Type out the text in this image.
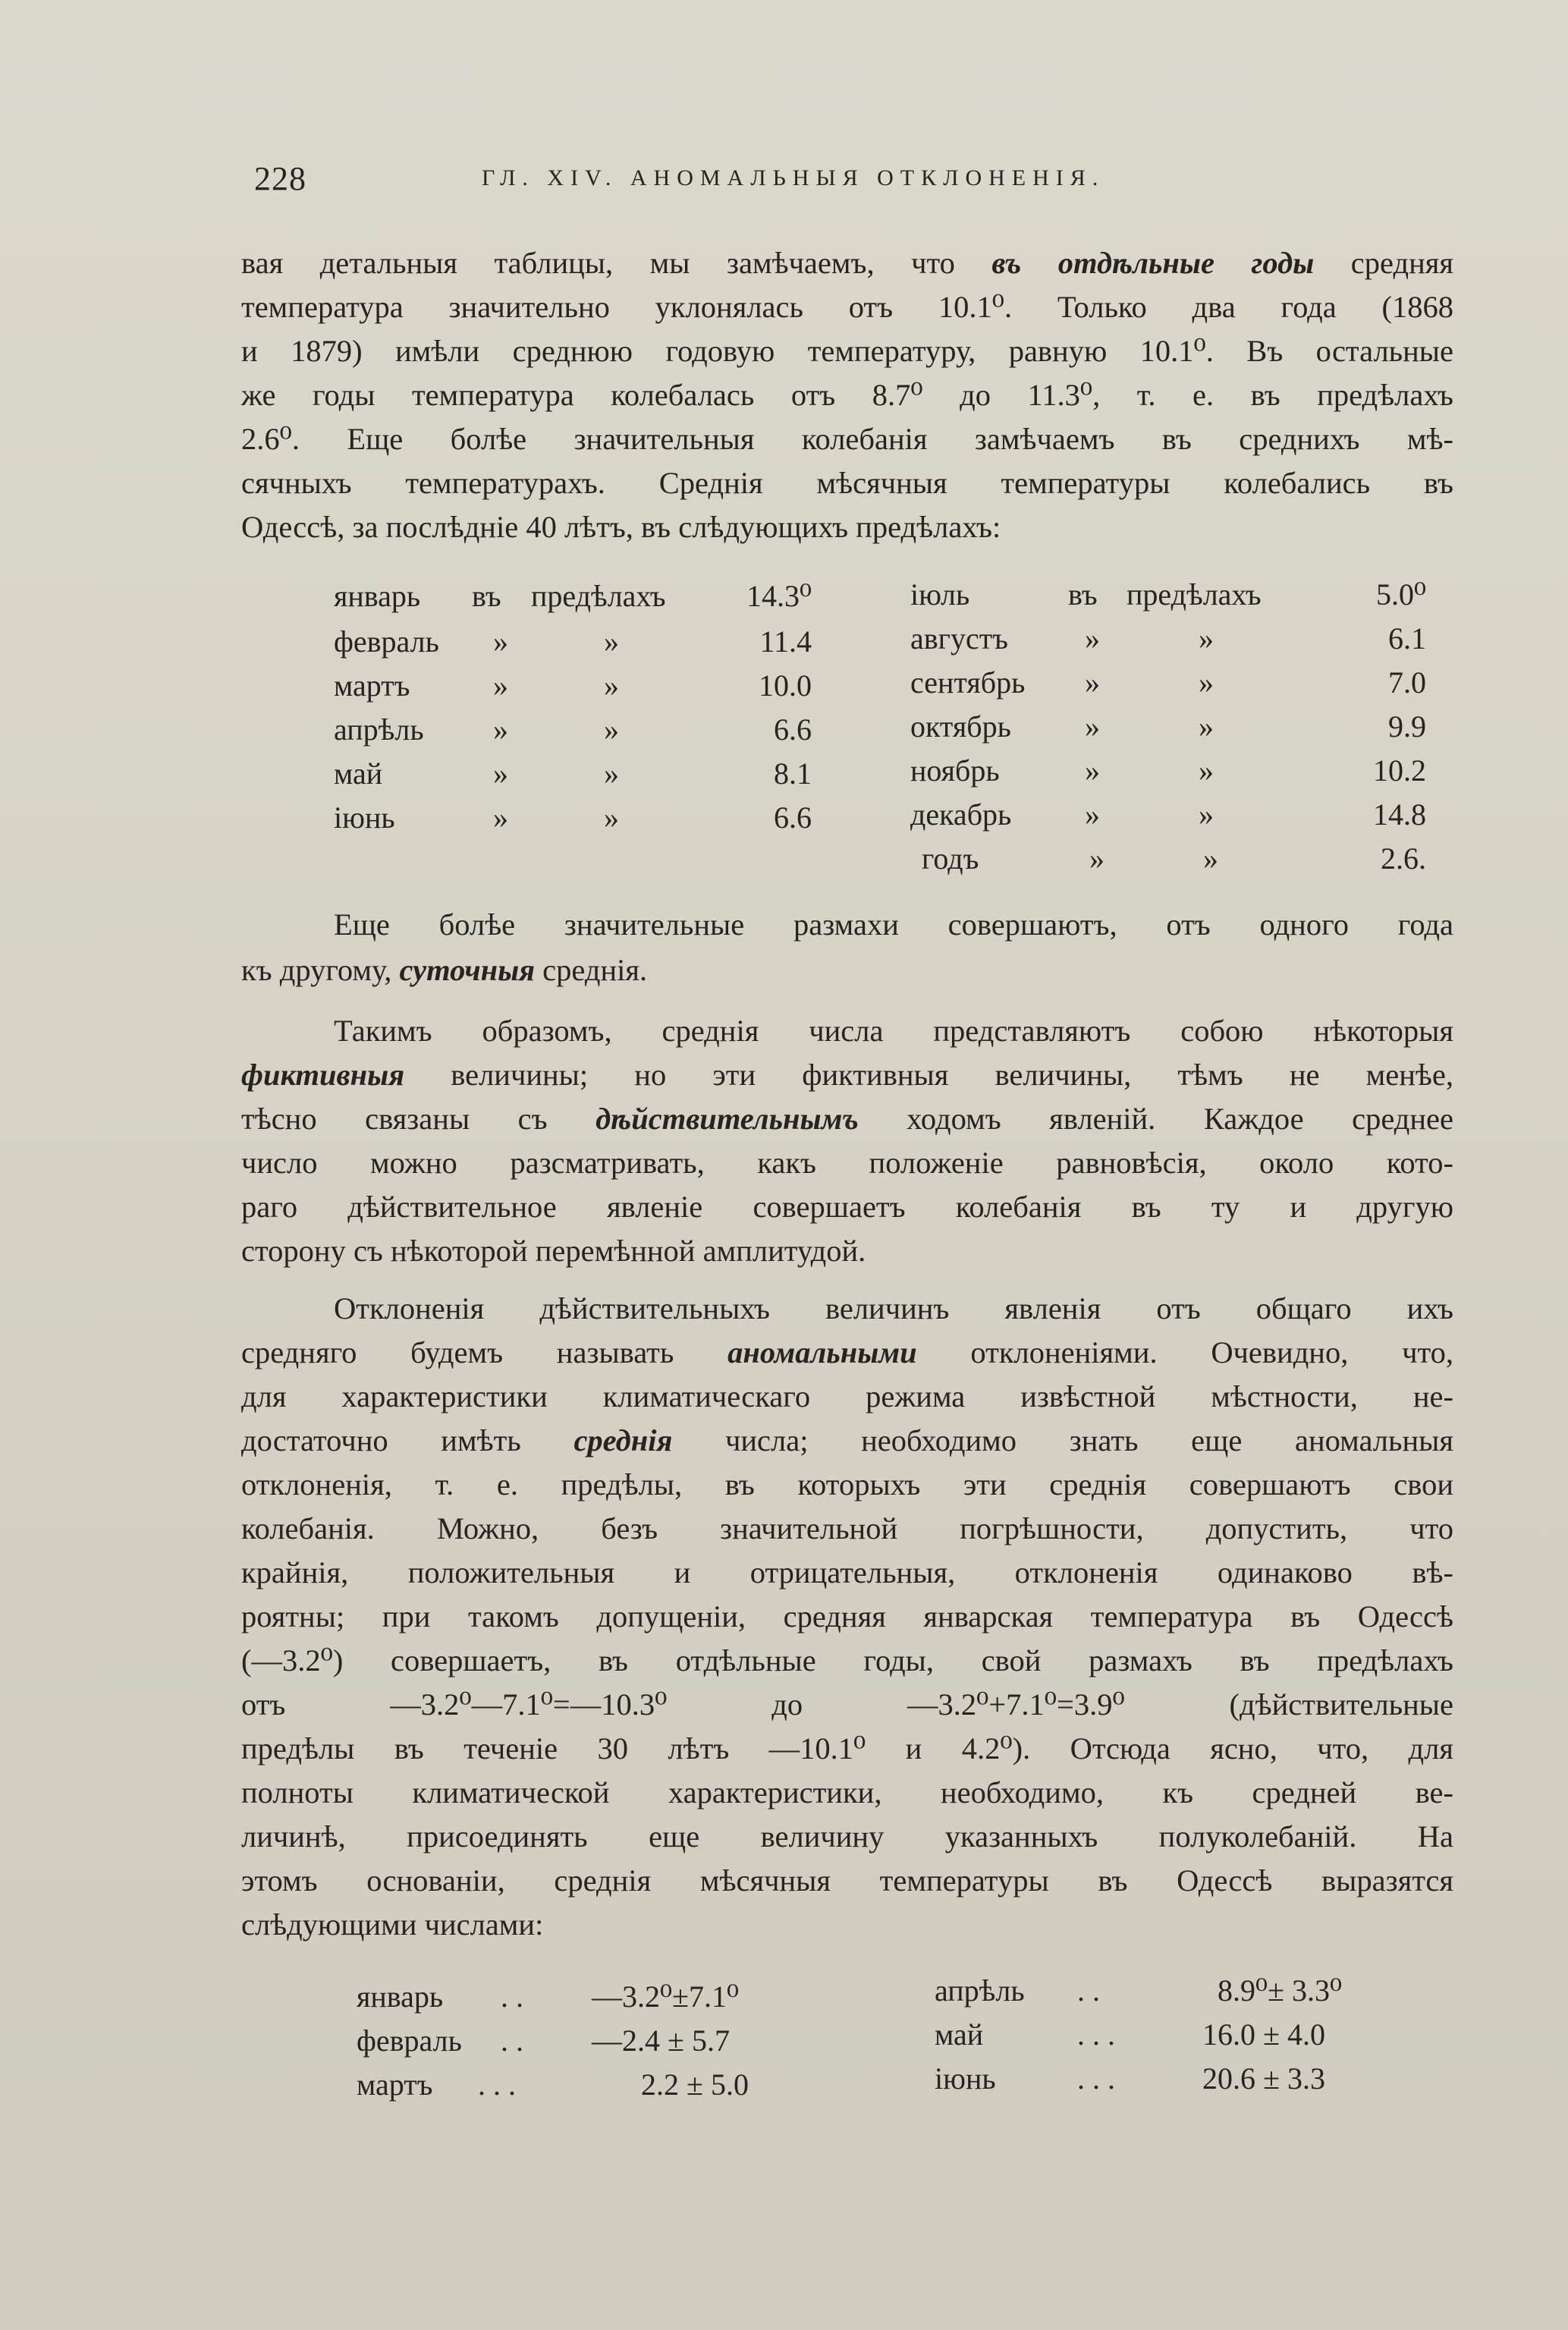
228	ГЛ. XIV. АНОМАЛЬНЫЯ ОТКЛОНЕНІЯ.
вая детальныя таблицы, мы замѣчаемъ, что въ отдѣльные годы средняя
температура значительно уклонялась отъ 10.1⁰. Только два года (1868
и 1879) имѣли среднюю годовую температуру, равную 10.1⁰. Въ остальные
же годы температура колебалась отъ 8.7⁰ до 11.3⁰, т. е. въ предѣлахъ
2.6⁰. Еще болѣе значительныя колебанія замѣчаемъ въ среднихъ мѣ-
сячныхъ температурахъ. Среднія мѣсячныя температуры колебались въ
Одессѣ, за послѣдніе 40 лѣтъ, въ слѣдующихъ предѣлахъ:
январь въ предѣлахъ	14.3⁰
февраль »	»	11.4
мартъ	»	»	10.0
апрѣль »	»	6.6
май	»	»	8.1
іюнь	»	»	6.6
іюль	въ предѣлахъ	5.0⁰
августъ	»	»	6.1
сентябрь »	»	7.0
октябрь »	»	9.9
ноябрь	»	»	10.2
декабрь »	»	14.8
годъ	»	»	2.6.
Еще болѣе значительные размахи совершаютъ, отъ одного года
къ другому, суточныя среднія.
Такимъ образомъ, среднія числа представляютъ собою нѣкоторыя
фиктивныя величины; но эти фиктивныя величины, тѣмъ не менѣе,
тѣсно связаны съ дѣйствительнымъ ходомъ явленій. Каждое среднее
число можно разсматривать, какъ положеніе равновѣсія, около кото-
раго дѣйствительное явленіе совершаетъ колебанія въ ту и другую
сторону съ нѣкоторой перемѣнной амплитудой.
Отклоненія дѣйствительныхъ величинъ явленія отъ общаго ихъ
средняго будемъ называть аномальными отклоненіями. Очевидно, что,
для характеристики климатическаго режима извѣстной мѣстности, не-
достаточно имѣть среднія числа; необходимо знать еще аномальныя
отклоненія, т. е. предѣлы, въ которыхъ эти среднія совершаютъ свои
колебанія. Можно, безъ значительной погрѣшности, допустить, что
крайнія, положительныя и отрицательныя, отклоненія одинаково вѣ-
роятны; при такомъ допущеніи, средняя январская температура въ Одессѣ
(—3.2⁰) совершаетъ, въ отдѣльные годы, свой размахъ въ предѣлахъ
отъ —3.2⁰—7.1⁰=—10.3⁰ до —3.2⁰+7.1⁰=3.9⁰ (дѣйствительные
предѣлы въ теченіе 30 лѣтъ —10.1⁰ и 4.2⁰). Отсюда ясно, что, для
полноты климатической характеристики, необходимо, къ средней ве-
личинѣ, присоединять еще величину указанныхъ полуколебаній. На
этомъ основаніи, среднія мѣсячныя температуры въ Одессѣ выразятся
слѣдующими числами:
январь . . —3.2⁰±7.1⁰
февраль . . —2.4 ± 5.7
мартъ . . .	2.2 ± 5.0
апрѣль . .	8.9⁰± 3.3⁰
май	. . .	16.0 ± 4.0
іюнь	. . .	20.6 ± 3.3
